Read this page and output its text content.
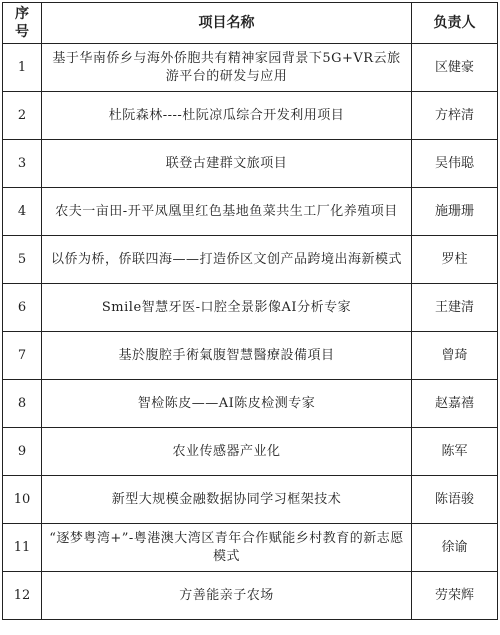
序号	项目名称	负责人
1	基于华南侨乡与海外侨胞共有精神家园背景下5G+VR云旅游平台的研发与应用	区健豪
2	杜阮森林----杜阮凉瓜综合开发利用项目	方梓清
3	联登古建群文旅项目	吴伟聪
4	农夫一亩田-开平凤凰里红色基地鱼菜共生工厂化养殖项目	施珊珊
5	以侨为桥，侨联四海——打造侨区文创产品跨境出海新模式	罗柱
6	Smile智慧牙医-口腔全景影像AI分析专家	王建清
7	基於腹腔手術氣腹智慧醫療設備項目	曾琦
8	智检陈皮——AI陈皮检测专家	赵嘉禧
9	农业传感器产业化	陈军
10	新型大规模金融数据协同学习框架技术	陈语骏
11	“逐梦粤湾+”-粤港澳大湾区青年合作赋能乡村教育的新志愿模式	徐谕
12	方善能亲子农场	劳荣辉
